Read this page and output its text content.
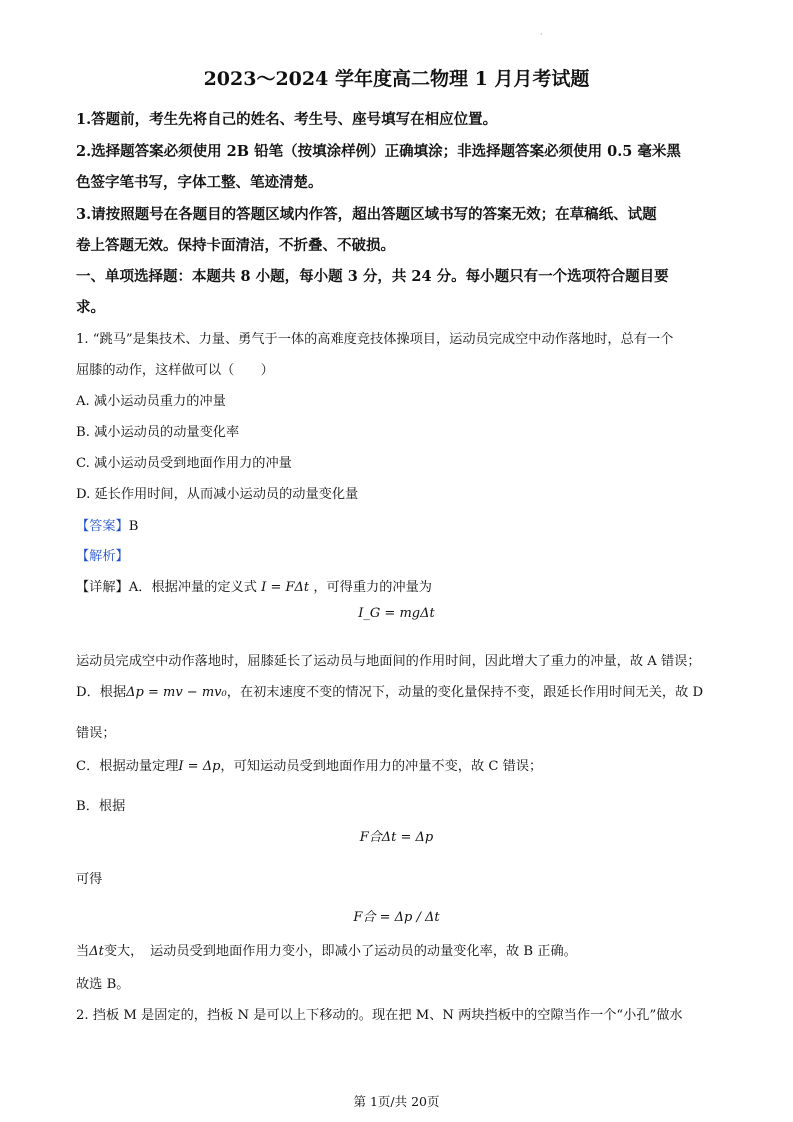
·
2023～2024 学年度高二物理 1 月月考试题
1.答题前，考生先将自己的姓名、考生号、座号填写在相应位置。
2.选择题答案必须使用 2B 铅笔（按填涂样例）正确填涂；非选择题答案必须使用 0.5 毫米黑
色签字笔书写，字体工整、笔迹清楚。
3.请按照题号在各题目的答题区域内作答，超出答题区域书写的答案无效；在草稿纸、试题
卷上答题无效。保持卡面清洁，不折叠、不破损。
一、单项选择题：本题共 8 小题，每小题 3 分，共 24 分。每小题只有一个选项符合题目要
求。
1. “跳马”是集技术、力量、勇气于一体的高难度竞技体操项目，运动员完成空中动作落地时，总有一个
屈膝的动作，这样做可以（　　）
A. 减小运动员重力的冲量
B. 减小运动员的动量变化率
C. 减小运动员受到地面作用力的冲量
D. 延长作用时间，从而减小运动员的动量变化量
【答案】B
【解析】
【详解】A．根据冲量的定义式 I = FΔt ，可得重力的冲量为
I_G = mgΔt
运动员完成空中动作落地时，屈膝延长了运动员与地面间的作用时间，因此增大了重力的冲量，故 A 错误；
D．根据Δp = mv − mv₀，在初末速度不变的情况下，动量的变化量保持不变，跟延长作用时间无关，故 D
错误；
C．根据动量定理I = Δp，可知运动员受到地面作用力的冲量不变，故 C 错误；
B．根据
F合Δt = Δp
可得
F合 = Δp / Δt
当Δt变大，　运动员受到地面作用力变小，即减小了运动员的动量变化率，故 B 正确。
故选 B。
2. 挡板 M 是固定的，挡板 N 是可以上下移动的。现在把 M、N 两块挡板中的空隙当作一个“小孔”做水
第 1页/共 20页
